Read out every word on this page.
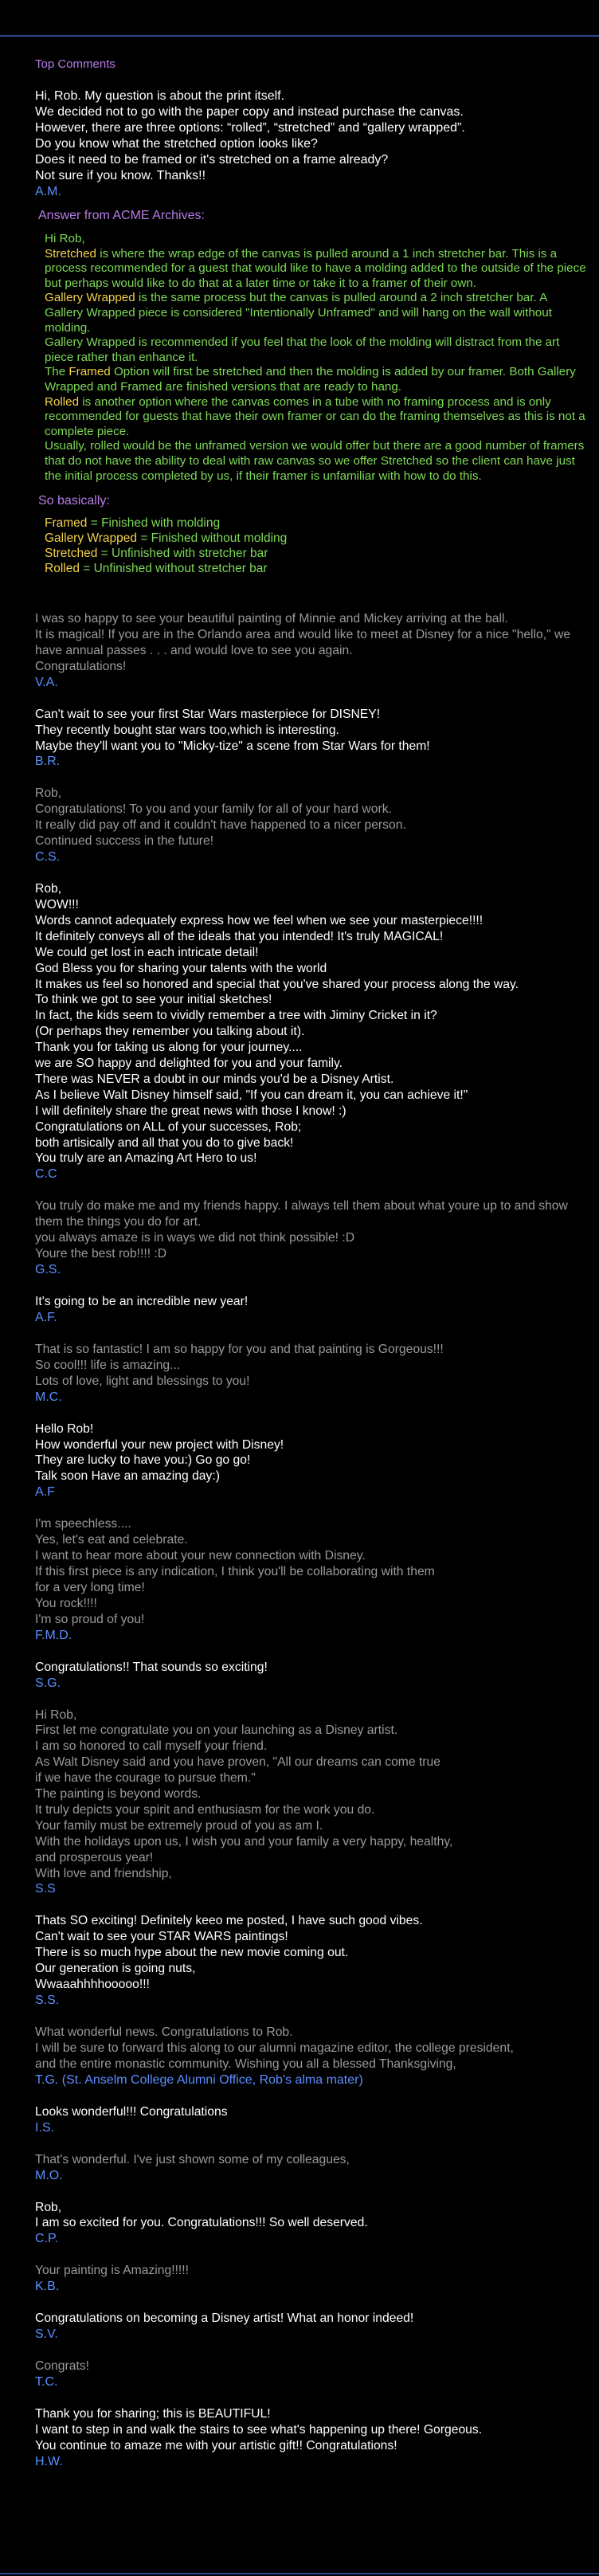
Top Comments

Hi, Rob. My question is about the print itself.

We decided not to go with the paper copy and instead purchase the canvas.

However, there are three options: “rolled”, “stretched” and “gallery wrapped”.

Do you know what the stretched option looks like?

Does it need to be framed or it's stretched on a frame already?

Not sure if you know. Thanks!!

A.M.
Answer from ACME Archives:

Hi Rob,

Stretched is where the wrap edge of the canvas is pulled around a 1 inch stretcher bar. This is a process recommended for a guest that would like to have a molding added to the outside of the piece but perhaps would like to do that at a later time or take it to a framer of their own.

Gallery Wrapped is the same process but the canvas is pulled around a 2 inch stretcher bar. A Gallery Wrapped piece is considered "Intentionally Unframed" and will hang on the wall without molding.

Gallery Wrapped is recommended if you feel that the look of the molding will distract from the art piece rather than enhance it.

The Framed Option will first be stretched and then the molding is added by our framer. Both Gallery Wrapped and Framed are finished versions that are ready to hang.

Rolled is another option where the canvas comes in a tube with no framing process and is only recommended for guests that have their own framer or can do the framing themselves as this is not a complete piece.

Usually, rolled would be the unframed version we would offer but there are a good number of framers that do not have the ability to deal with raw canvas so we offer Stretched so the client can have just the initial process completed by us, if their framer is unfamiliar with how to do this.

So basically:

Framed = Finished with molding

Gallery Wrapped = Finished without molding

Stretched = Unfinished with stretcher bar

Rolled = Unfinished without stretcher bar

I was so happy to see your beautiful painting of Minnie and Mickey arriving at the ball.

It is magical! If you are in the Orlando area and would like to meet at Disney for a nice "hello," we have annual passes . . . and would love to see you again.

Congratulations!

V.A.

Can't wait to see your first Star Wars masterpiece for DISNEY!

They recently bought star wars too,which is interesting.

Maybe they'll want you to "Micky-tize" a scene from Star Wars for them!

B.R.

Rob,

Congratulations! To you and your family for all of your hard work.

It really did pay off and it couldn't have happened to a nicer person.

Continued success in the future!

C.S.

Rob,

WOW!!!

Words cannot adequately express how we feel when we see your masterpiece!!!!

It definitely conveys all of the ideals that you intended! It's truly MAGICAL!

We could get lost in each intricate detail!

God Bless you for sharing your talents with the world

It makes us feel so honored and special that you've shared your process along the way.

To think we got to see your initial sketches!

In fact, the kids seem to vividly remember a tree with Jiminy Cricket in it?

(Or perhaps they remember you talking about it).

Thank you for taking us along for your journey....

we are SO happy and delighted for you and your family.

There was NEVER a doubt in our minds you'd be a Disney Artist.

As I believe Walt Disney himself said, "If you can dream it, you can achieve it!"

I will definitely share the great news with those I know! :)

Congratulations on ALL of your successes, Rob;

both artisically and all that you do to give back!

You truly are an Amazing Art Hero to us!

C.C

You truly do make me and my friends happy. I always tell them about what youre up to and show them the things you do for art.

you always amaze is in ways we did not think possible! :D

Youre the best rob!!!! :D

G.S.

It's going to be an incredible new year!

A.F.

That is so fantastic! I am so happy for you and that painting is Gorgeous!!!

So cool!!! life is amazing...

Lots of love, light and blessings to you!

M.C.

Hello Rob!

How wonderful your new project with Disney!

They are lucky to have you:) Go go go!

Talk soon Have an amazing day:)

A.F

I'm speechless....

Yes, let's eat and celebrate.

I want to hear more about your new connection with Disney.

If this first piece is any indication, I think you'll be collaborating with them

for a very long time!

You rock!!!!

I'm so proud of you!

F.M.D.

Congratulations!! That sounds so exciting!

S.G.

Hi Rob,

First let me congratulate you on your launching as a Disney artist.

I am so honored to call myself your friend.

As Walt Disney said and you have proven, "All our dreams can come true

if we have the courage to pursue them."

The painting is beyond words.

It truly depicts your spirit and enthusiasm for the work you do.

Your family must be extremely proud of you as am I.

With the holidays upon us, I wish you and your family a very happy, healthy,

and prosperous year!

With love and friendship,

S.S

Thats SO exciting! Definitely keeo me posted, I have such good vibes.

Can't wait to see your STAR WARS paintings!

There is so much hype about the new movie coming out.

Our generation is going nuts,

Wwaaahhhhooooo!!!

S.S.

What wonderful news. Congratulations to Rob.

I will be sure to forward this along to our alumni magazine editor, the college president,

and the entire monastic community. Wishing you all a blessed Thanksgiving,

T.G. (St. Anselm College Alumni Office, Rob's alma mater)

Looks wonderful!!! Congratulations

I.S.

That's wonderful. I've just shown some of my colleagues,

M.O.

Rob,

I am so excited for you. Congratulations!!! So well deserved.

C.P.

Your painting is Amazing!!!!!

K.B.

Congratulations on becoming a Disney artist! What an honor indeed!

S.V.

Congrats!

T.C.

Thank you for sharing; this is BEAUTIFUL!

I want to step in and walk the stairs to see what's happening up there! Gorgeous.

You continue to amaze me with your artistic gift!! Congratulations!

H.W.
